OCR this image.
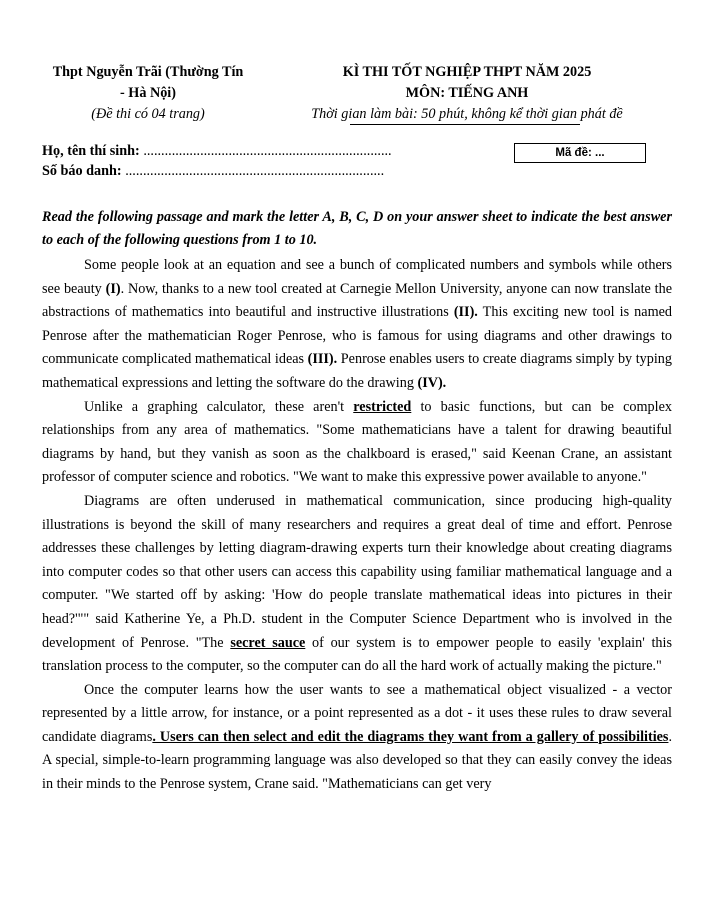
Thpt Nguyễn Trãi (Thường Tín
- Hà Nội)
(Đề thi có 04 trang)
KÌ THI TỐT NGHIỆP THPT NĂM 2025
MÔN: TIẾNG ANH
Thời gian làm bài: 50 phút, không kể thời gian phát đề
Họ, tên thí sinh: ......................................................................
Số báo danh: .........................................................................
Mã đề: ...
Read the following passage and mark the letter A, B, C, D on your answer sheet to indicate the best answer to each of the following questions from 1 to 10.

Some people look at an equation and see a bunch of complicated numbers and symbols while others see beauty (I). Now, thanks to a new tool created at Carnegie Mellon University, anyone can now translate the abstractions of mathematics into beautiful and instructive illustrations (II). This exciting new tool is named Penrose after the mathematician Roger Penrose, who is famous for using diagrams and other drawings to communicate complicated mathematical ideas (III). Penrose enables users to create diagrams simply by typing mathematical expressions and letting the software do the drawing (IV).

Unlike a graphing calculator, these aren't restricted to basic functions, but can be complex relationships from any area of mathematics. "Some mathematicians have a talent for drawing beautiful diagrams by hand, but they vanish as soon as the chalkboard is erased," said Keenan Crane, an assistant professor of computer science and robotics. "We want to make this expressive power available to anyone."

Diagrams are often underused in mathematical communication, since producing high-quality illustrations is beyond the skill of many researchers and requires a great deal of time and effort. Penrose addresses these challenges by letting diagram-drawing experts turn their knowledge about creating diagrams into computer codes so that other users can access this capability using familiar mathematical language and a computer. "We started off by asking: 'How do people translate mathematical ideas into pictures in their head?'"" said Katherine Ye, a Ph.D. student in the Computer Science Department who is involved in the development of Penrose. "The secret sauce of our system is to empower people to easily 'explain' this translation process to the computer, so the computer can do all the hard work of actually making the picture."

Once the computer learns how the user wants to see a mathematical object visualized - a vector represented by a little arrow, for instance, or a point represented as a dot - it uses these rules to draw several candidate diagrams. Users can then select and edit the diagrams they want from a gallery of possibilities. A special, simple-to-learn programming language was also developed so that they can easily convey the ideas in their minds to the Penrose system, Crane said. "Mathematicians can get very
